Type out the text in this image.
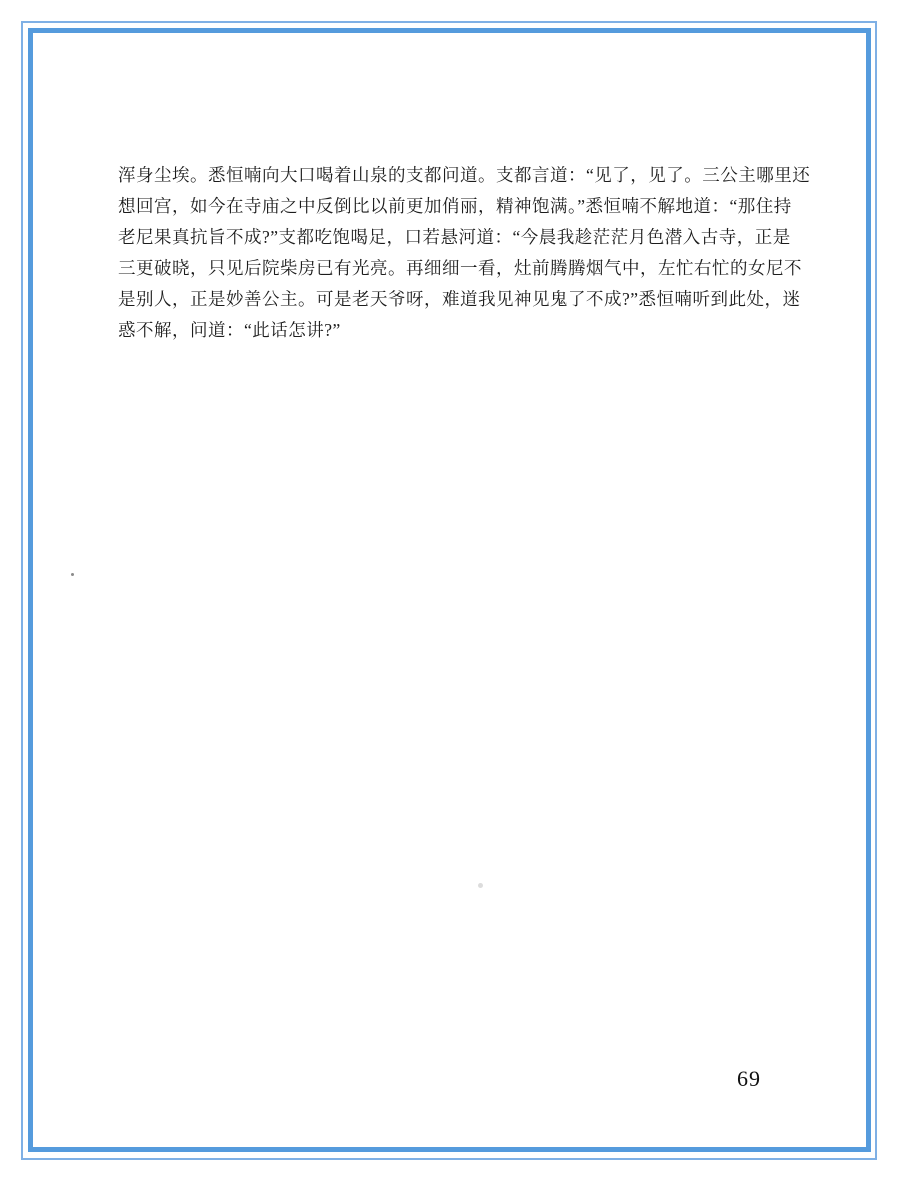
浑身尘埃。悉恒喃向大口喝着山泉的支都问道。支都言道：“见了，见了。三公主哪里还

想回宫，如今在寺庙之中反倒比以前更加俏丽，精神饱满。”悉恒喃不解地道：“那住持

老尼果真抗旨不成?”支都吃饱喝足，口若悬河道：“今晨我趁茫茫月色潜入古寺，正是

三更破晓，只见后院柴房已有光亮。再细细一看，灶前腾腾烟气中，左忙右忙的女尼不

是别人，正是妙善公主。可是老天爷呀，难道我见神见鬼了不成?”悉恒喃听到此处，迷

惑不解，问道：“此话怎讲?”

69
